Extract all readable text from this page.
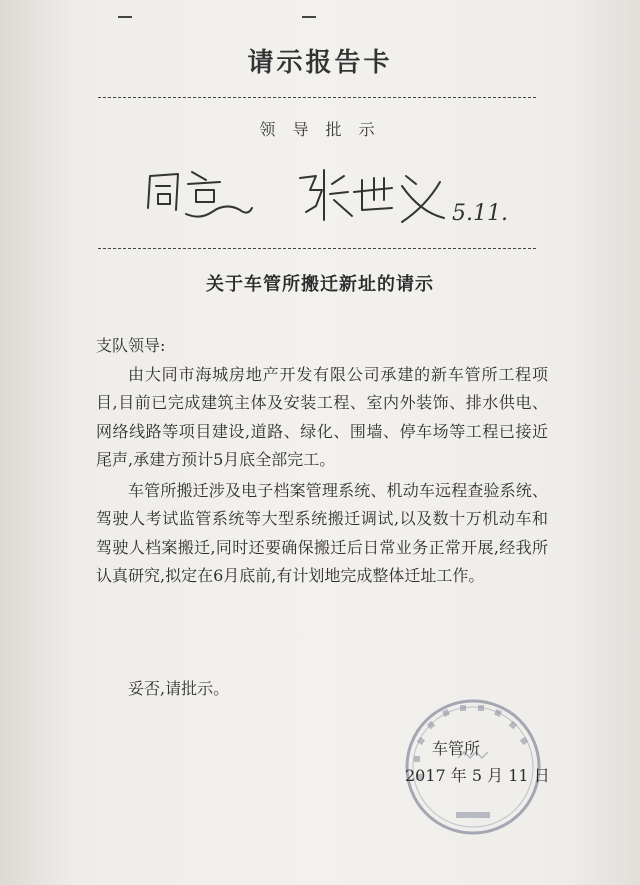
请示报告卡
领 导 批 示
5.11.
关于车管所搬迁新址的请示

支队领导:

由大同市海城房地产开发有限公司承建的新车管所工程项目,目前已完成建筑主体及安装工程、室内外装饰、排水供电、网络线路等项目建设,道路、绿化、围墙、停车场等工程已接近尾声,承建方预计5月底全部完工。

车管所搬迁涉及电子档案管理系统、机动车远程查验系统、驾驶人考试监管系统等大型系统搬迁调试,以及数十万机动车和驾驶人档案搬迁,同时还要确保搬迁后日常业务正常开展,经我所认真研究,拟定在6月底前,有计划地完成整体迁址工作。

妥否,请批示。
车管所
2017 年 5 月 11 日
